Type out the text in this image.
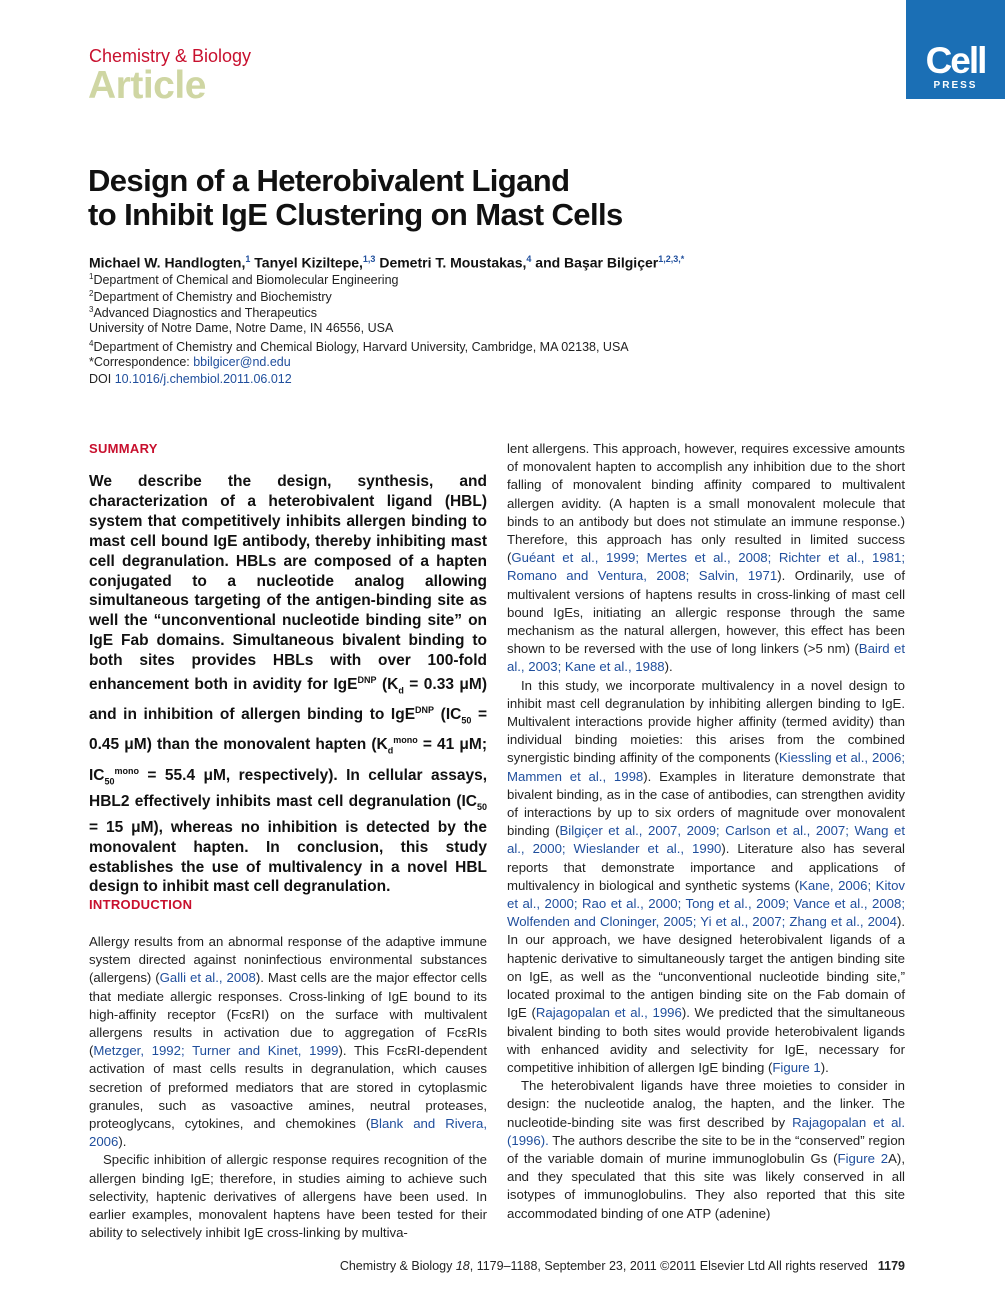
Chemistry & Biology
Article
Cell
PRESS
Design of a Heterobivalent Ligand
to Inhibit IgE Clustering on Mast Cells
Michael W. Handlogten,$^1$ Tanyel Kiziltepe,$^{1,3}$ Demetri T. Moustakas,$^4$ and Başar Bilgiçer$^{1,2,3,*}$
$^1$Department of Chemical and Biomolecular Engineering
$^2$Department of Chemistry and Biochemistry
$^3$Advanced Diagnostics and Therapeutics
University of Notre Dame, Notre Dame, IN 46556, USA
$^4$Department of Chemistry and Chemical Biology, Harvard University, Cambridge, MA 02138, USA
*Correspondence: bbilgicer@nd.edu
DOI 10.1016/j.chembiol.2011.06.012
SUMMARY
We describe the design, synthesis, and characterization of a heterobivalent ligand (HBL) system that competitively inhibits allergen binding to mast cell bound IgE antibody, thereby inhibiting mast cell degranulation. HBLs are composed of a hapten conjugated to a nucleotide analog allowing simultaneous targeting of the antigen-binding site as well the “unconventional nucleotide binding site” on IgE Fab domains. Simultaneous bivalent binding to both sites provides HBLs with over 100-fold enhancement both in avidity for IgE$^{DNP}$ ($K_d = 0.33$ μM) and in inhibition of allergen binding to IgE$^{DNP}$ ($IC_{50} = 0.45$ μM) than the monovalent hapten ($K_d^{mono} = 41$ μM; $IC_{50}^{mono} = 55.4$ μM, respectively). In cellular assays, HBL2 effectively inhibits mast cell degranulation ($IC_{50} = 15$ μM), whereas no inhibition is detected by the monovalent hapten. In conclusion, this study establishes the use of multivalency in a novel HBL design to inhibit mast cell degranulation.
INTRODUCTION

Allergy results from an abnormal response of the adaptive immune system directed against noninfectious environmental substances (allergens) (Galli et al., 2008). Mast cells are the major effector cells that mediate allergic responses. Cross-linking of IgE bound to its high-affinity receptor (FcεRI) on the surface with multivalent allergens results in activation due to aggregation of FcεRIs (Metzger, 1992; Turner and Kinet, 1999). This FcεRI-dependent activation of mast cells results in degranulation, which causes secretion of preformed mediators that are stored in cytoplasmic granules, such as vasoactive amines, neutral proteases, proteoglycans, cytokines, and chemokines (Blank and Rivera, 2006).

Specific inhibition of allergic response requires recognition of the allergen binding IgE; therefore, in studies aiming to achieve such selectivity, haptenic derivatives of allergens have been used. In earlier examples, monovalent haptens have been tested for their ability to selectively inhibit IgE cross-linking by multiva-

lent allergens. This approach, however, requires excessive amounts of monovalent hapten to accomplish any inhibition due to the short falling of monovalent binding affinity compared to multivalent allergen avidity. (A hapten is a small monovalent molecule that binds to an antibody but does not stimulate an immune response.) Therefore, this approach has only resulted in limited success (Guéant et al., 1999; Mertes et al., 2008; Richter et al., 1981; Romano and Ventura, 2008; Salvin, 1971). Ordinarily, use of multivalent versions of haptens results in cross-linking of mast cell bound IgEs, initiating an allergic response through the same mechanism as the natural allergen, however, this effect has been shown to be reversed with the use of long linkers (>5 nm) (Baird et al., 2003; Kane et al., 1988).

In this study, we incorporate multivalency in a novel design to inhibit mast cell degranulation by inhibiting allergen binding to IgE. Multivalent interactions provide higher affinity (termed avidity) than individual binding moieties: this arises from the combined synergistic binding affinity of the components (Kiessling et al., 2006; Mammen et al., 1998). Examples in literature demonstrate that bivalent binding, as in the case of antibodies, can strengthen avidity of interactions by up to six orders of magnitude over monovalent binding (Bilgiçer et al., 2007, 2009; Carlson et al., 2007; Wang et al., 2000; Wieslander et al., 1990). Literature also has several reports that demonstrate importance and applications of multivalency in biological and synthetic systems (Kane, 2006; Kitov et al., 2000; Rao et al., 2000; Tong et al., 2009; Vance et al., 2008; Wolfenden and Cloninger, 2005; Yi et al., 2007; Zhang et al., 2004). In our approach, we have designed heterobivalent ligands of a haptenic derivative to simultaneously target the antigen binding site on IgE, as well as the “unconventional nucleotide binding site,” located proximal to the antigen binding site on the Fab domain of IgE (Rajagopalan et al., 1996). We predicted that the simultaneous bivalent binding to both sites would provide heterobivalent ligands with enhanced avidity and selectivity for IgE, necessary for competitive inhibition of allergen IgE binding (Figure 1).

The heterobivalent ligands have three moieties to consider in design: the nucleotide analog, the hapten, and the linker. The nucleotide-binding site was first described by Rajagopalan et al. (1996). The authors describe the site to be in the “conserved” region of the variable domain of murine immunoglobulin Gs (Figure 2A), and they speculated that this site was likely conserved in all isotypes of immunoglobulins. They also reported that this site accommodated binding of one ATP (adenine)

Chemistry & Biology 18, 1179–1188, September 23, 2011 ©2011 Elsevier Ltd All rights reserved 1179
